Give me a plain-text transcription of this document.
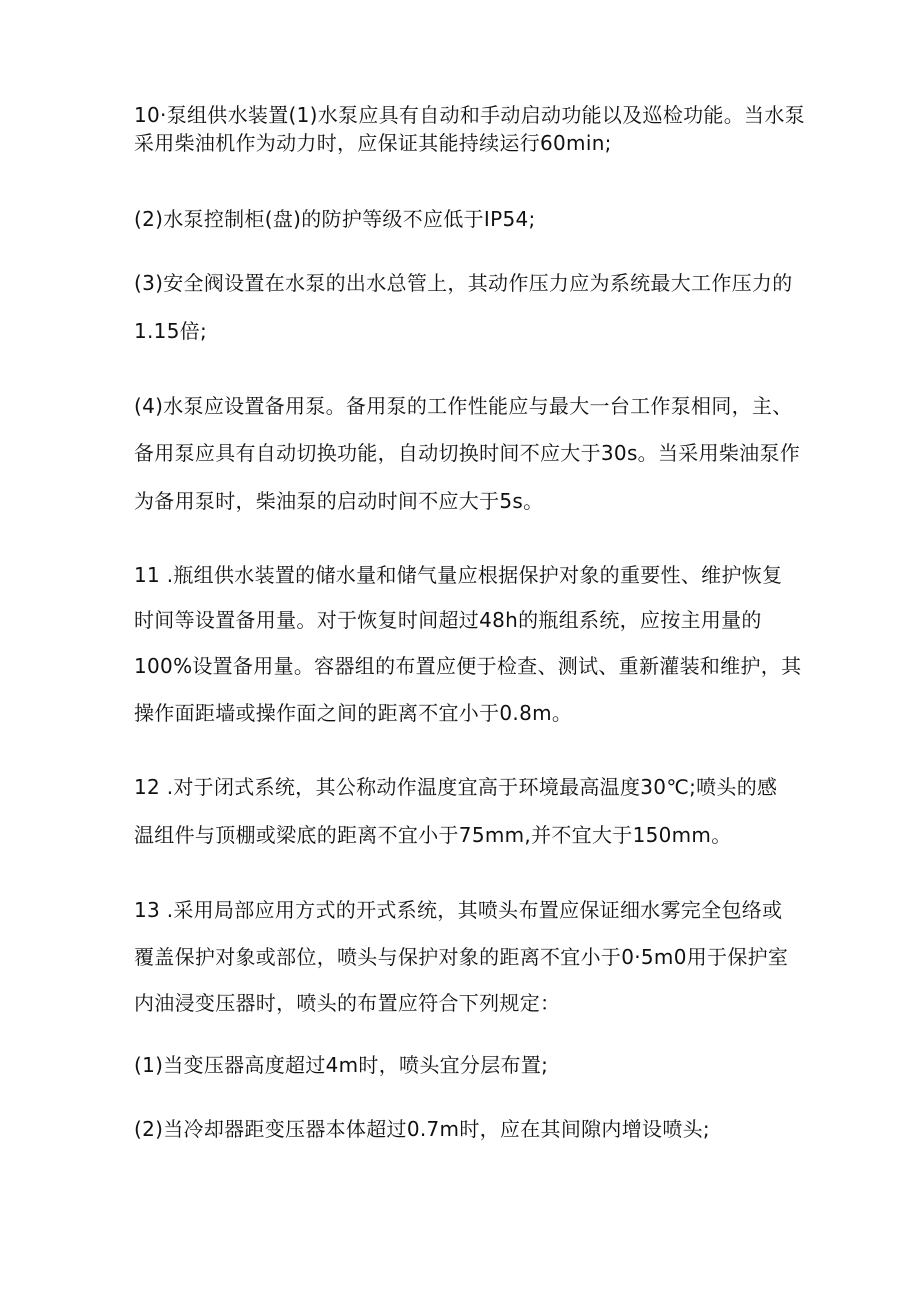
10·泵组供水装置(1)水泵应具有自动和手动启动功能以及巡检功能。当水泵
采用柴油机作为动力时，应保证其能持续运行60min;
(2)水泵控制柜(盘)的防护等级不应低于IP54;
(3)安全阀设置在水泵的出水总管上，其动作压力应为系统最大工作压力的
1.15倍;
(4)水泵应设置备用泵。备用泵的工作性能应与最大一台工作泵相同，主、
备用泵应具有自动切换功能，自动切换时间不应大于30s。当采用柴油泵作
为备用泵时，柴油泵的启动时间不应大于5s。
11 .瓶组供水装置的储水量和储气量应根据保护对象的重要性、维护恢复
时间等设置备用量。对于恢复时间超过48h的瓶组系统，应按主用量的
100%设置备用量。容器组的布置应便于检查、测试、重新灌装和维护，其
操作面距墙或操作面之间的距离不宜小于0.8m。
12 .对于闭式系统，其公称动作温度宜高于环境最高温度30℃;喷头的感
温组件与顶棚或梁底的距离不宜小于75mm,并不宜大于150mm。
13 .采用局部应用方式的开式系统，其喷头布置应保证细水雾完全包络或
覆盖保护对象或部位，喷头与保护对象的距离不宜小于0·5m0用于保护室
内油浸变压器时，喷头的布置应符合下列规定：
(1)当变压器高度超过4m时，喷头宜分层布置;
(2)当冷却器距变压器本体超过0.7m时，应在其间隙内增设喷头;
